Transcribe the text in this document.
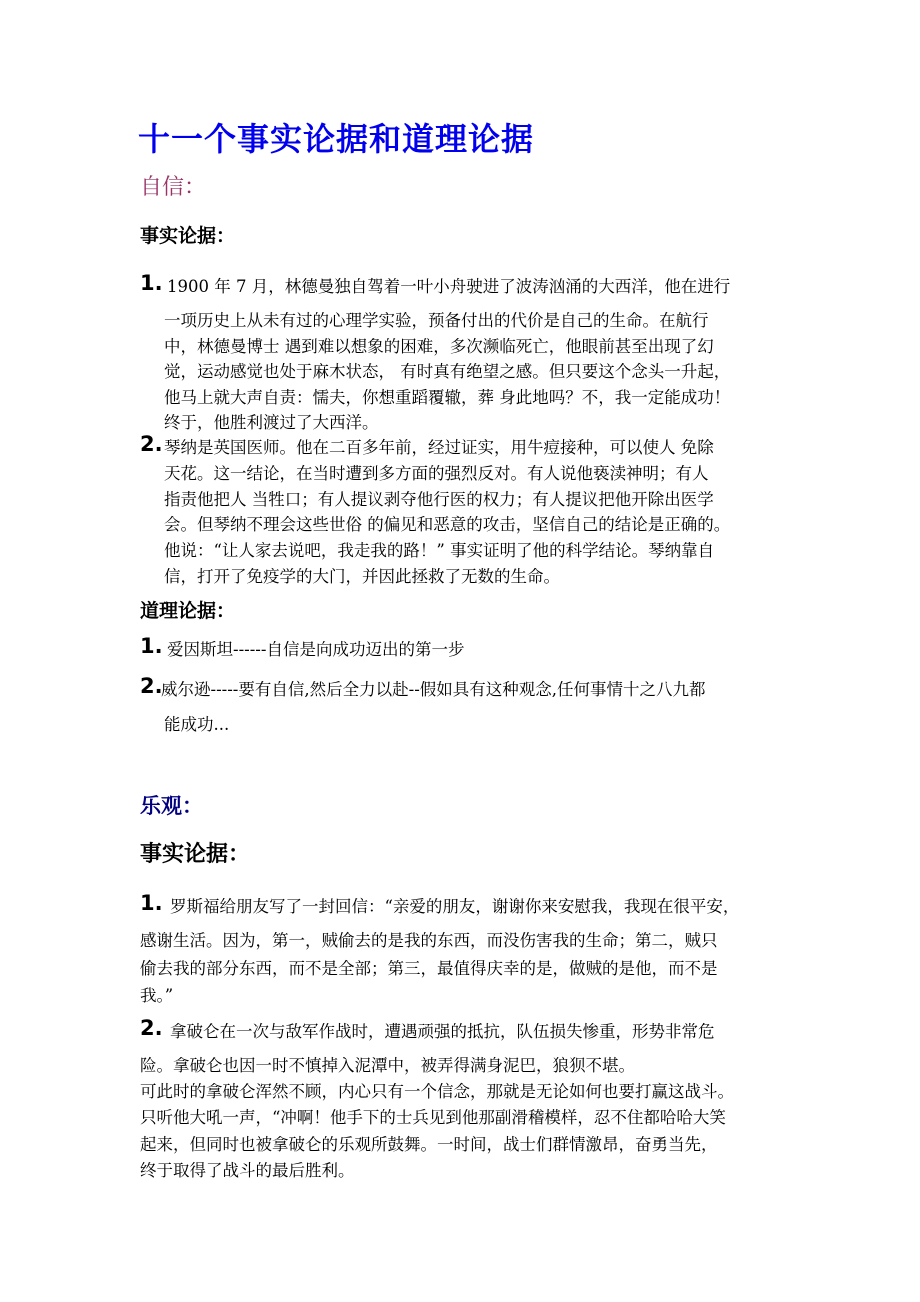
十一个事实论据和道理论据
自信：
事实论据：
1. 1900 年 7 月，林德曼独自驾着一叶小舟驶进了波涛汹涌的大西洋，他在进行
一项历史上从未有过的心理学实验，预备付出的代价是自己的生命。在航行
中，林德曼博士 遇到难以想象的困难，多次濒临死亡，他眼前甚至出现了幻
觉，运动感觉也处于麻木状态， 有时真有绝望之感。但只要这个念头一升起，
他马上就大声自责：懦夫，你想重蹈覆辙，葬 身此地吗？不，我一定能成功！
终于，他胜利渡过了大西洋。
2. 琴纳是英国医师。他在二百多年前，经过证实，用牛痘接种，可以使人 免除
天花。这一结论，在当时遭到多方面的强烈反对。有人说他亵渎神明；有人
指责他把人 当牲口；有人提议剥夺他行医的权力；有人提议把他开除出医学
会。但琴纳不理会这些世俗 的偏见和恶意的攻击，坚信自己的结论是正确的。
他说：“让人家去说吧，我走我的路！” 事实证明了他的科学结论。琴纳靠自
信，打开了免疫学的大门，并因此拯救了无数的生命。
道理论据：
1. 爱因斯坦------自信是向成功迈出的第一步
2.
威尔逊-----要有自信,然后全力以赴--假如具有这种观念,任何事情十之八九都
能成功...
乐观：
事实论据：
1. 罗斯福给朋友写了一封回信：“亲爱的朋友，谢谢你来安慰我，我现在很平安，
感谢生活。因为，第一，贼偷去的是我的东西，而没伤害我的生命；第二，贼只
偷去我的部分东西，而不是全部；第三，最值得庆幸的是，做贼的是他，而不是
我。”
2. 拿破仑在一次与敌军作战时，遭遇顽强的抵抗，队伍损失惨重，形势非常危
险。拿破仑也因一时不慎掉入泥潭中，被弄得满身泥巴，狼狈不堪。
可此时的拿破仑浑然不顾，内心只有一个信念，那就是无论如何也要打赢这战斗。
只听他大吼一声，“冲啊！他手下的士兵见到他那副滑稽模样，忍不住都哈哈大笑
起来，但同时也被拿破仑的乐观所鼓舞。一时间，战士们群情激昂，奋勇当先，
终于取得了战斗的最后胜利。
